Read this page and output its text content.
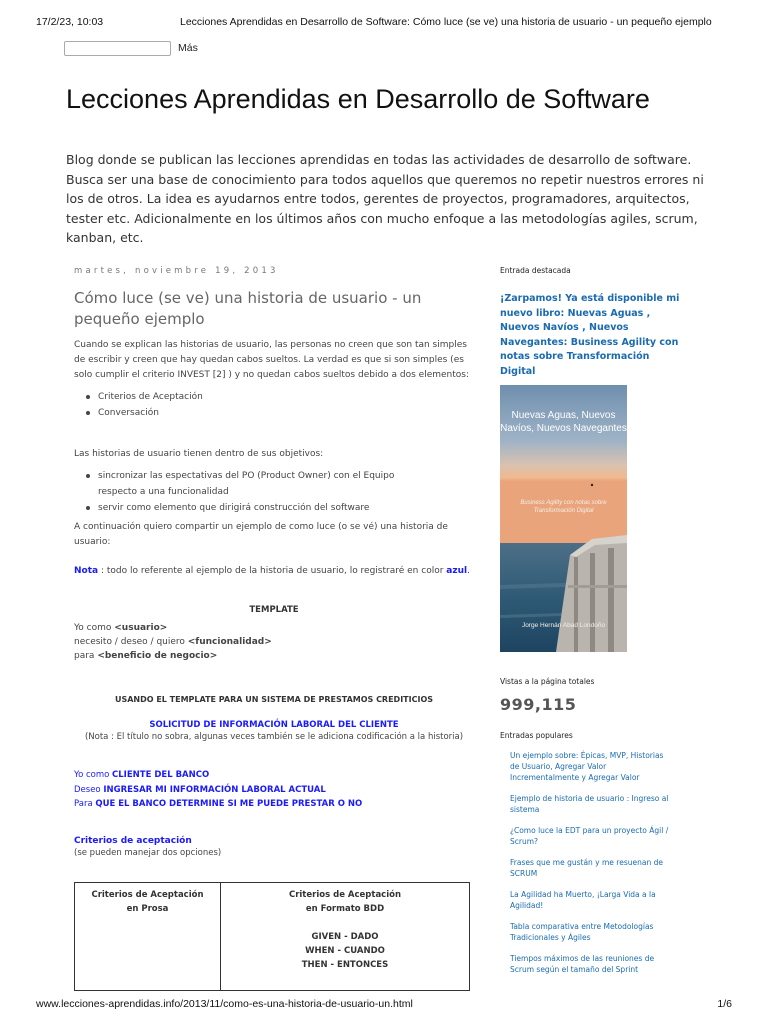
17/2/23, 10:03	Lecciones Aprendidas en Desarrollo de Software: Cómo luce (se ve) una historia de usuario - un pequeño ejemplo
Más
Lecciones Aprendidas en Desarrollo de Software

Blog donde se publican las lecciones aprendidas en todas las actividades de desarrollo de software. Busca ser una base de conocimiento para todos aquellos que queremos no repetir nuestros errores ni los de otros. La idea es ayudarnos entre todos, gerentes de proyectos, programadores, arquitectos, tester etc. Adicionalmente en los últimos años con mucho enfoque a las metodologías agiles, scrum, kanban, etc.

martes, noviembre 19, 2013
Cómo luce (se ve) una historia de usuario - un pequeño ejemplo

Cuando se explican las historias de usuario, las personas no creen que son tan simples de escribir y creen que hay quedan cabos sueltos. La verdad es que si son simples (es solo cumplir el criterio INVEST [2] ) y no quedan cabos sueltos debido a dos elementos:

Criterios de Aceptación
Conversación

Las historias de usuario tienen dentro de sus objetivos:

sincronizar las espectativas del PO (Product Owner) con el Equipo respecto a una funcionalidad
servir como elemento que dirigirá construcción del software

A continuación quiero compartir un ejemplo de como luce (o se vé) una historia de usuario:

Nota : todo lo referente al ejemplo de la historia de usuario, lo registraré en color azul.

TEMPLATE
Yo como <usuario>
necesito / deseo / quiero <funcionalidad>
para <beneficio de negocio>
USANDO EL TEMPLATE PARA UN SISTEMA DE PRESTAMOS CREDITICIOS
SOLICITUD DE INFORMACIÓN LABORAL DEL CLIENTE
(Nota : El título no sobra, algunas veces también se le adiciona codificación a la historia)
Yo como CLIENTE DEL BANCO
Deseo INGRESAR MI INFORMACIÓN LABORAL ACTUAL
Para QUE EL BANCO DETERMINE SI ME PUEDE PRESTAR O NO
Criterios de aceptación
(se pueden manejar dos opciones)
Criterios de Aceptación
en Prosa

Criterios de Aceptación
en Formato BDD
GIVEN - DADO
WHEN - CUANDO
THEN - ENTONCES
Entrada destacada
¡Zarpamos! Ya está disponible mi nuevo libro: Nuevas Aguas , Nuevos Navíos , Nuevos Navegantes: Business Agility con notas sobre Transformación Digital
Nuevas Aguas, Nuevos Navíos, Nuevos Navegantes
Business Agility con notas sobre Transformación Digital
Jorge Hernán Abad Londoño
Vistas a la página totales
999,115
Entradas populares
Un ejemplo sobre: Épicas, MVP, Historias de Usuario, Agregar Valor Incrementalmente y Agregar Valor
Ejemplo de historia de usuario : Ingreso al sistema
¿Como luce la EDT para un proyecto Ágil / Scrum?
Frases que me gustán y me resuenan de SCRUM
La Agilidad ha Muerto, ¡Larga Vida a la Agilidad!
Tabla comparativa entre Metodologías Tradicionales y Ágiles
Tiempos máximos de las reuniones de Scrum según el tamaño del Sprint
www.lecciones-aprendidas.info/2013/11/como-es-una-historia-de-usuario-un.html	1/6
